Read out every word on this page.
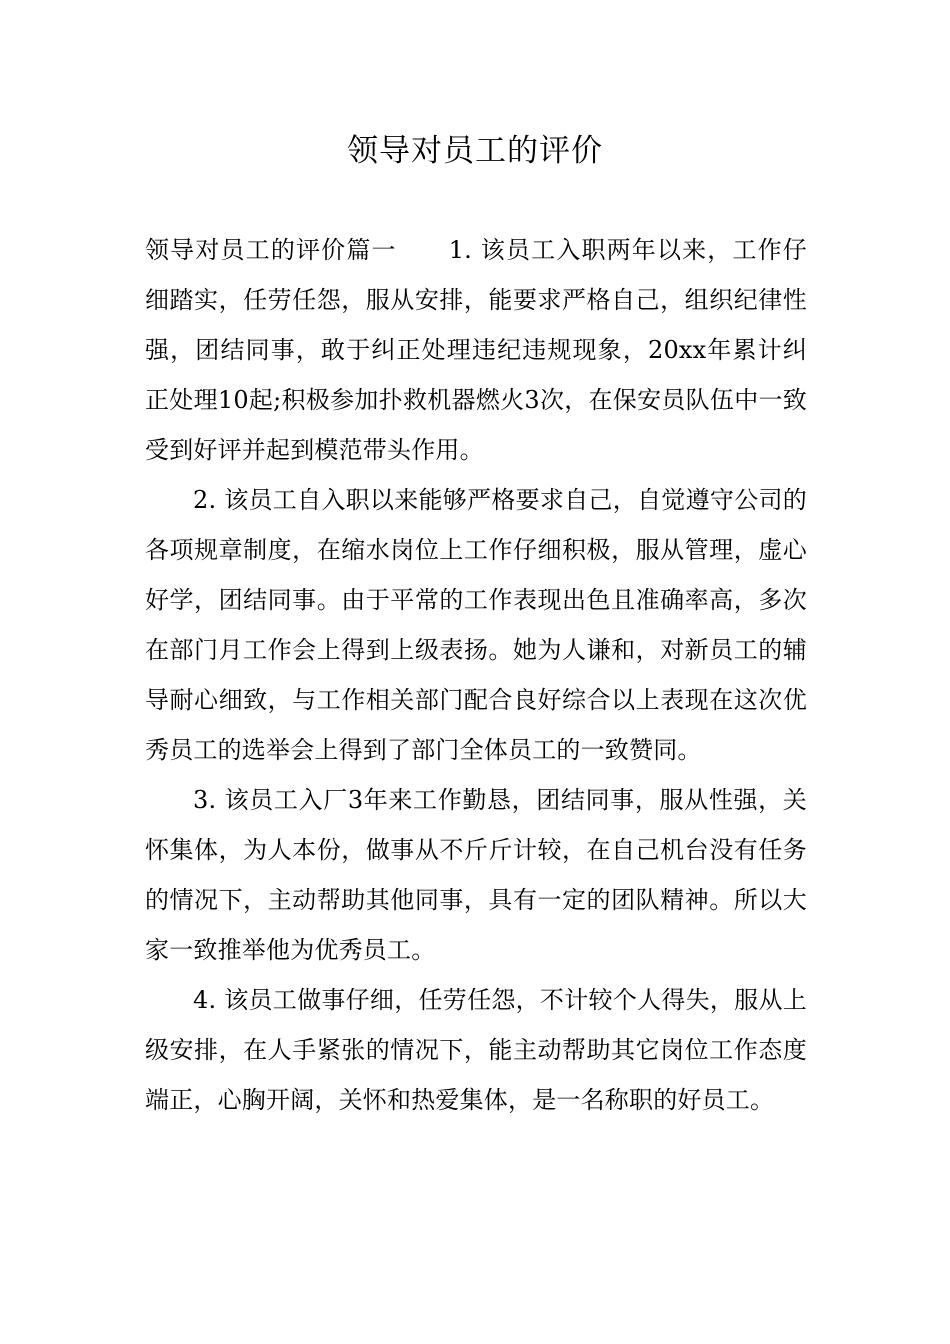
领导对员工的评价

领导对员工的评价篇一 1. 该员工入职两年以来，工作仔细踏实，任劳任怨，服从安排，能要求严格自己，组织纪律性强，团结同事，敢于纠正处理违纪违规现象，20xx年累计纠正处理10起;积极参加扑救机器燃火3次，在保安员队伍中一致受到好评并起到模范带头作用。

2. 该员工自入职以来能够严格要求自己，自觉遵守公司的各项规章制度，在缩水岗位上工作仔细积极，服从管理，虚心好学，团结同事。由于平常的工作表现出色且准确率高，多次在部门月工作会上得到上级表扬。她为人谦和，对新员工的辅导耐心细致，与工作相关部门配合良好综合以上表现在这次优秀员工的选举会上得到了部门全体员工的一致赞同。

3. 该员工入厂3年来工作勤恳，团结同事，服从性强，关怀集体，为人本份，做事从不斤斤计较，在自己机台没有任务的情况下，主动帮助其他同事，具有一定的团队精神。所以大家一致推举他为优秀员工。

4. 该员工做事仔细，任劳任怨，不计较个人得失，服从上级安排，在人手紧张的情况下，能主动帮助其它岗位工作态度端正，心胸开阔，关怀和热爱集体，是一名称职的好员工。
